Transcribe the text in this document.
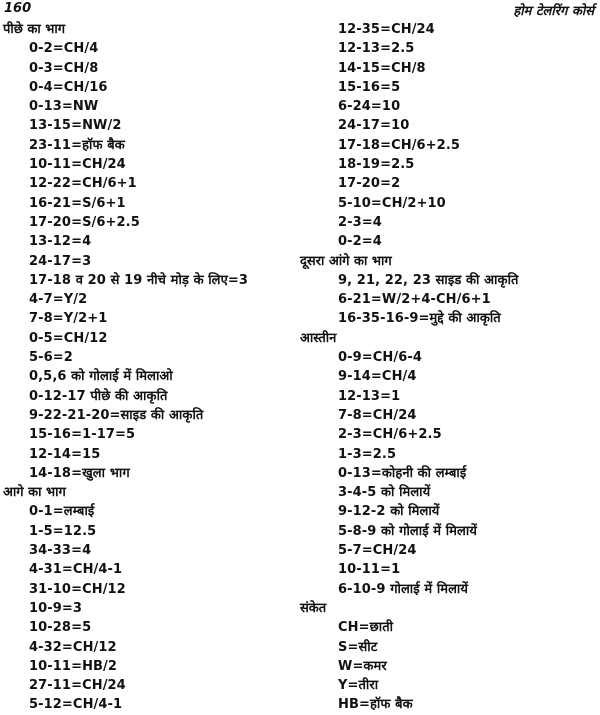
160	होम टेलरिंग कोर्स
पीछे का भाग
0-2=CH/4
0-3=CH/8
0-4=CH/16
0-13=NW
13-15=NW/2
23-11=हॉफ बैक
10-11=CH/24
12-22=CH/6+1
16-21=S/6+1
17-20=S/6+2.5
13-12=4
24-17=3
17-18 व 20 से 19 नीचे मोड़ के लिए=3
4-7=Y/2
7-8=Y/2+1
0-5=CH/12
5-6=2
0,5,6 को गोलाई में मिलाओ
0-12-17 पीछे की आकृति
9-22-21-20=साइड की आकृति
15-16=1-17=5
12-14=15
14-18=खुला भाग
आगे का भाग
0-1=लम्बाई
1-5=12.5
34-33=4
4-31=CH/4-1
31-10=CH/12
10-9=3
10-28=5
4-32=CH/12
10-11=HB/2
27-11=CH/24
5-12=CH/4-1
12-35=CH/24
12-13=2.5
14-15=CH/8
15-16=5
6-24=10
24-17=10
17-18=CH/6+2.5
18-19=2.5
17-20=2
5-10=CH/2+10
2-3=4
0-2=4
दूसरा आंगे का भाग
9, 21, 22, 23 साइड की आकृति
6-21=W/2+4-CH/6+1
16-35-16-9=मुद्दे की आकृति
आस्तीन
0-9=CH/6-4
9-14=CH/4
12-13=1
7-8=CH/24
2-3=CH/6+2.5
1-3=2.5
0-13=कोहनी की लम्बाई
3-4-5 को मिलायें
9-12-2 को मिलायें
5-8-9 को गोलाई में मिलायें
5-7=CH/24
10-11=1
6-10-9 गोलाई में मिलायें
संकेत
CH=छाती
S=सीट
W=कमर
Y=तीरा
HB=हॉफ बैक
